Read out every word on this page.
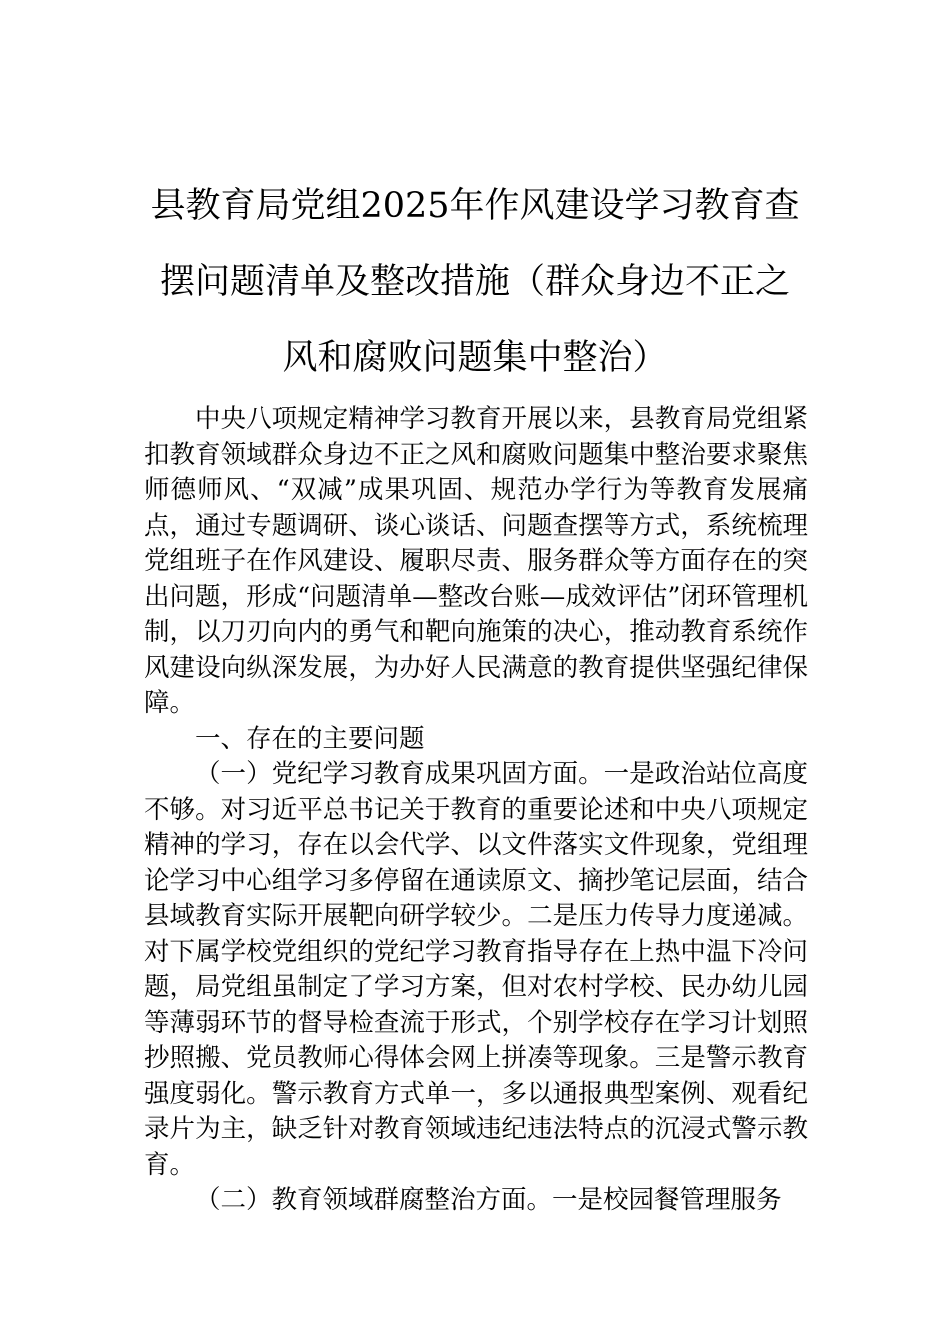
县教育局党组2025年作风建设学习教育查
摆问题清单及整改措施（群众身边不正之
风和腐败问题集中整治）

中央八项规定精神学习教育开展以来，县教育局党组紧扣教育领域群众身边不正之风和腐败问题集中整治要求聚焦师德师风、“双减”成果巩固、规范办学行为等教育发展痛点，通过专题调研、谈心谈话、问题查摆等方式，系统梳理党组班子在作风建设、履职尽责、服务群众等方面存在的突出问题，形成“问题清单—整改台账—成效评估”闭环管理机制，以刀刃向内的勇气和靶向施策的决心，推动教育系统作风建设向纵深发展，为办好人民满意的教育提供坚强纪律保障。

一、存在的主要问题

（一）党纪学习教育成果巩固方面。一是政治站位高度不够。对习近平总书记关于教育的重要论述和中央八项规定精神的学习，存在以会代学、以文件落实文件现象，党组理论学习中心组学习多停留在通读原文、摘抄笔记层面，结合县域教育实际开展靶向研学较少。二是压力传导力度递减。对下属学校党组织的党纪学习教育指导存在上热中温下冷问题，局党组虽制定了学习方案，但对农村学校、民办幼儿园等薄弱环节的督导检查流于形式，个别学校存在学习计划照抄照搬、党员教师心得体会网上拼凑等现象。三是警示教育强度弱化。警示教育方式单一，多以通报典型案例、观看纪录片为主，缺乏针对教育领域违纪违法特点的沉浸式警示教育。

（二）教育领域群腐整治方面。一是校园餐管理服务
